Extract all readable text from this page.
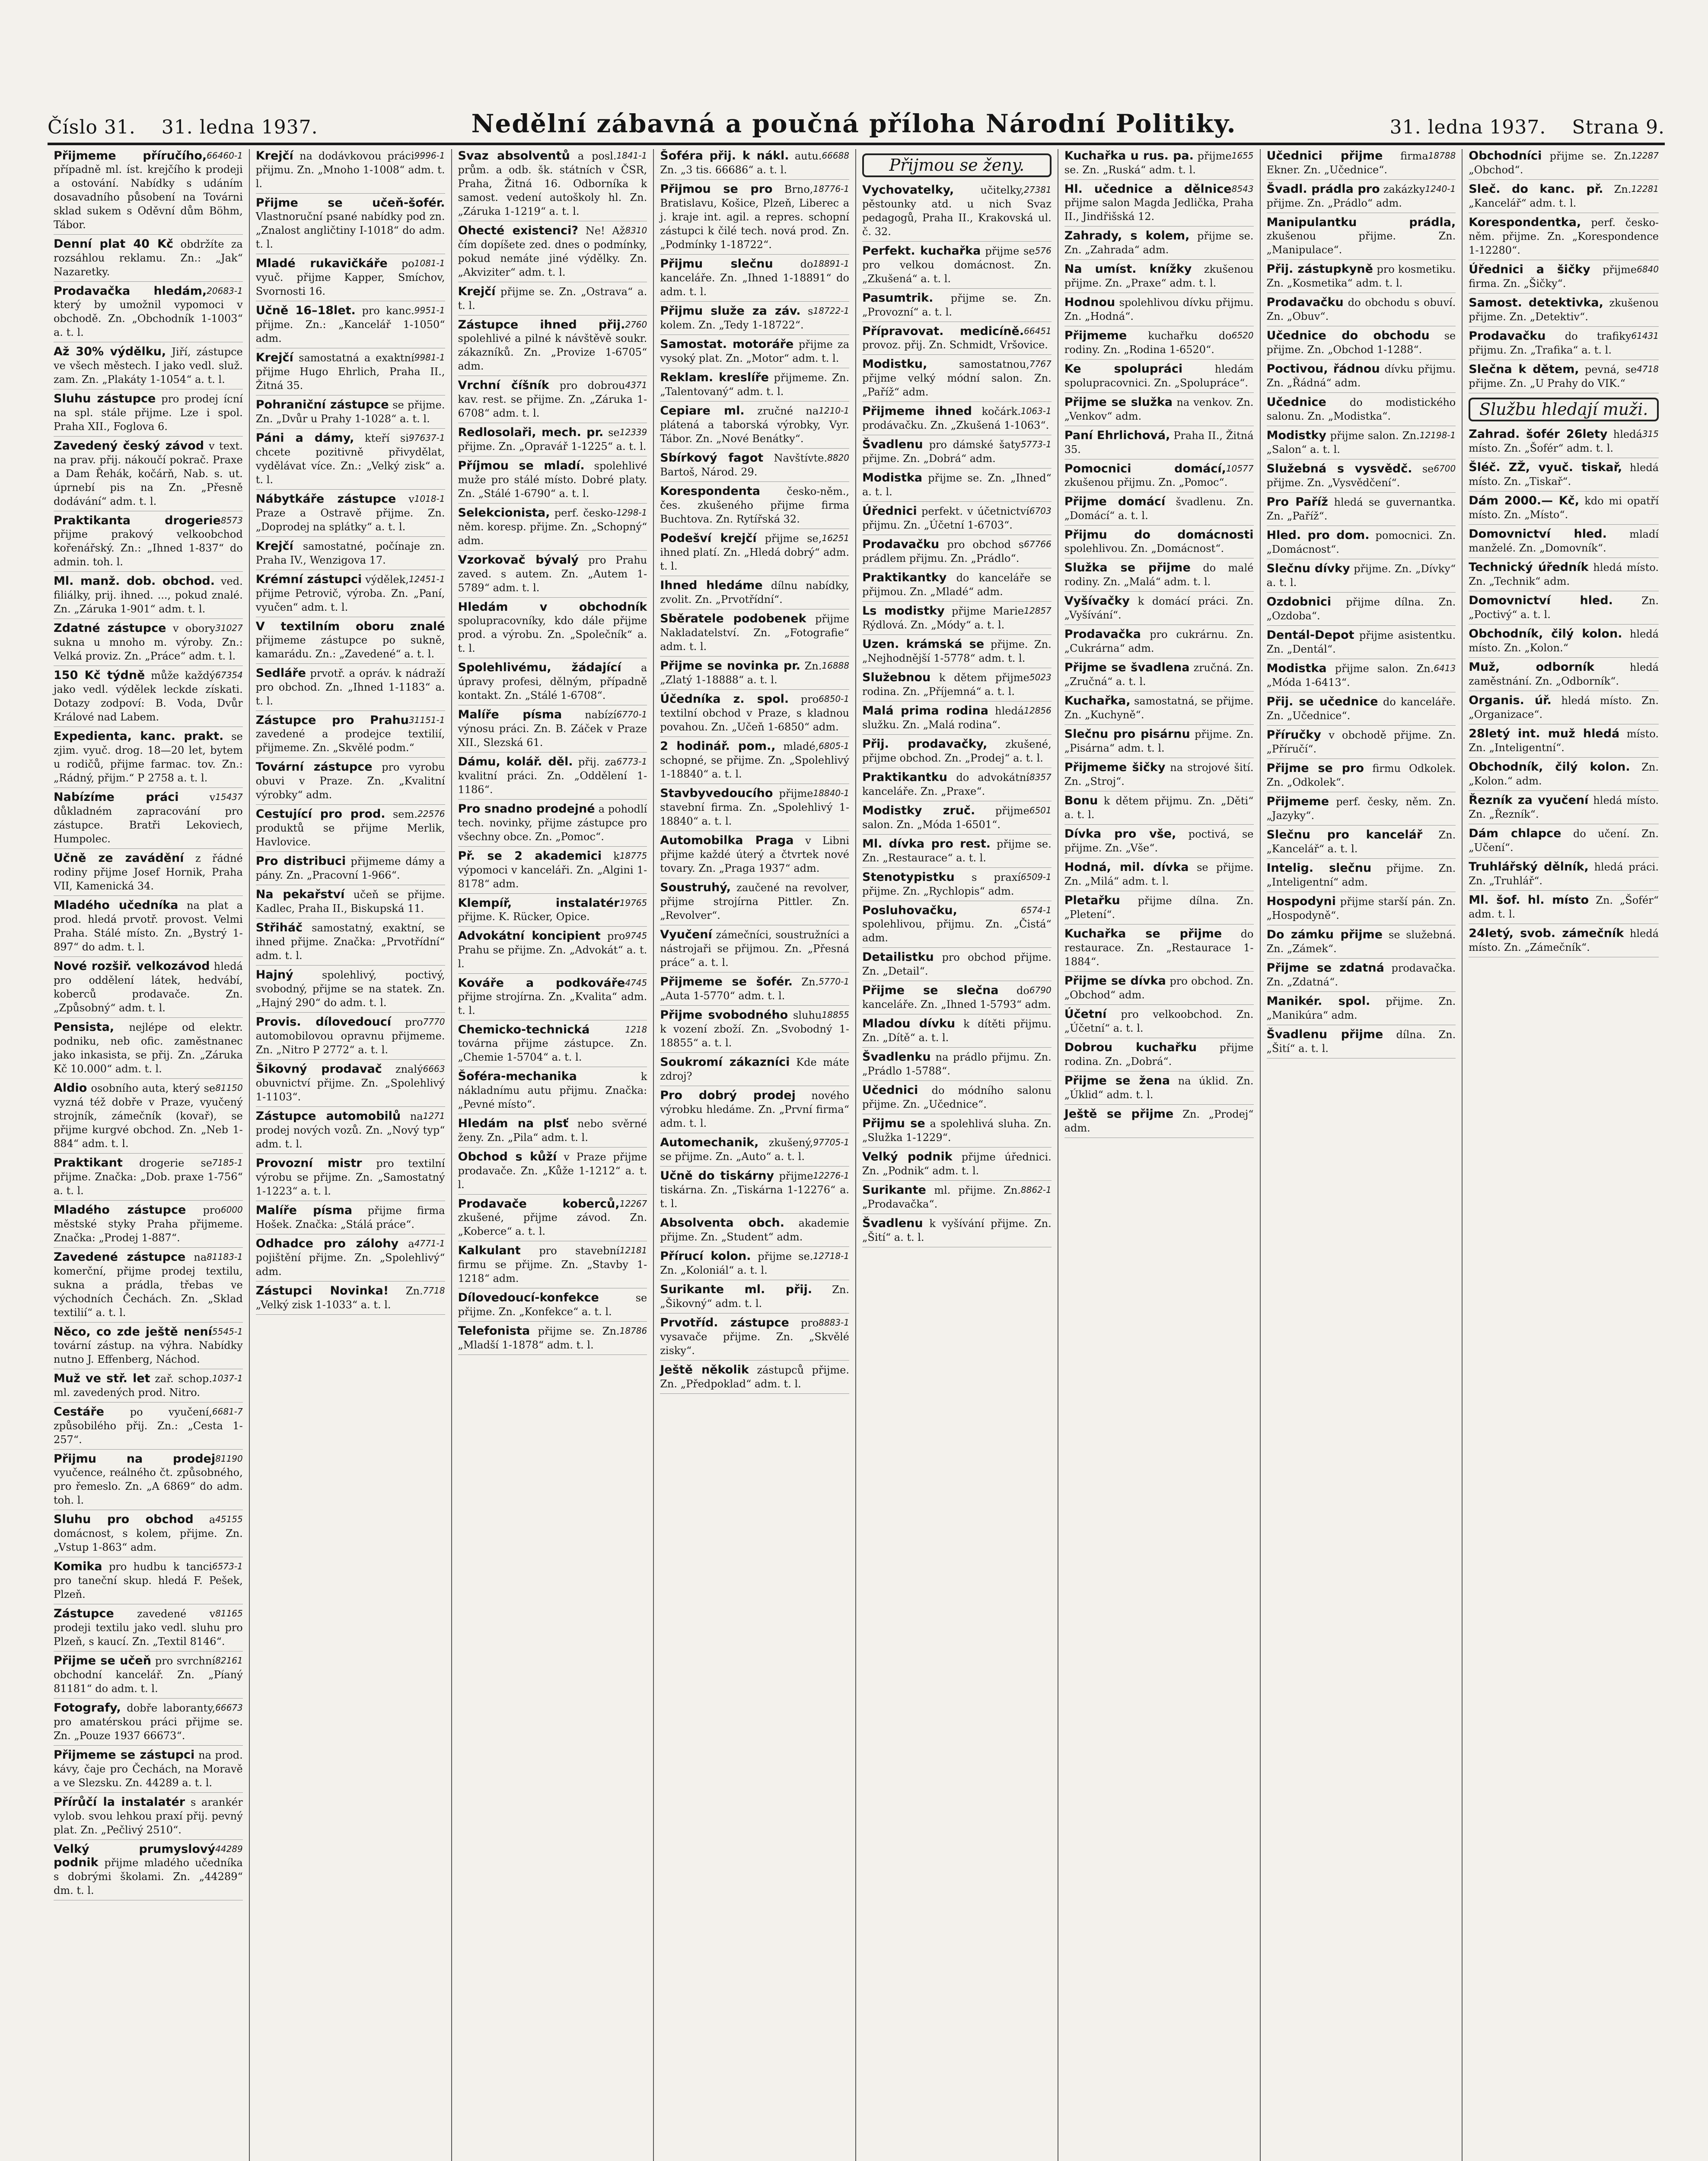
Číslo 31. 31. ledna 1937.	Nedělní zábavná a poučná příloha Národní Politiky.	31. ledna 1937. Strana 9.
66460-1
Přijmeme příručího, případně ml. íst. krejčího k prodeji a ostování. Nabídky s udáním dosavadního působení na Továrni sklad sukem s Oděvní dům Böhm, Tábor.
Denní plat 40 Kč obdržíte za rozsáhlou reklamu. Zn.: „Jak“ Nazaretky.
20683-1
Prodavačka hledám, který by umožnil vypomoci v obchodě. Zn. „Obchodník 1-1003“ a. t. l.
Až 30% výdělku, Jiří, zástupce ve všech městech. I jako vedl. služ. zam. Zn. „Plakáty 1-1054“ a. t. l.
Sluhu zástupce pro prodej ícní na spl. stále přijme. Lze i spol. Praha XII., Foglova 6.
Zavedený český závod v text. na prav. přij. nákoučí pokrač. Praxe a Dam Řehák, kočárň, Nab. s. ut. úprnebí pis na Zn. „Přesně dodávání“ adm. t. l.
8573
Praktikanta drogerie přijme prakový velkoobchod kořenářský. Zn.: „Ihned 1-837“ do admin. toh. l.
Ml. manž. dob. obchod. ved. filiálky, prij. ihned. ..., pokud znalé. Zn. „Záruka 1-901“ adm. t. l.
31027
Zdatné zástupce v obory sukna u mnoho m. výroby. Zn.: Velká proviz. Zn. „Práce“ adm. t. l.
67354
150 Kč týdně může každý jako vedl. výdělek leckde získati. Dotazy zodpoví: B. Voda, Dvůr Králové nad Labem.
Expedienta, kanc. prakt. se zjim. vyuč. drog. 18—20 let, bytem u rodičů, přijme farmac. tov. Zn.: „Rádný, přijm.“ P 2758 a. t. l.
15437
Nabízíme práci	v důkladném zapracování pro zástupce. Bratři Lekoviech, Humpolec.
Učně ze zavádění z řádné rodiny přijme Josef Hornik, Praha VII, Kamenická 34.
Mladého učedníka na plat a prod. hledá prvotř. provost. Velmi Praha. Stálé místo. Zn. „Bystrý 1-897“ do adm. t. l.
Nové rozšiř. velkozávod hledá pro oddělení látek, hedvábí, koberců prodavače. Zn. „Způsobný“ adm. t. l.
Pensista, nejlépe od elektr. podniku, neb ofic. zaměstnanec jako inkasista, se přij. Zn. „Zárukа Kč 10.000“ adm. t. l.
81150
Aldio osobního auta, který se vyzná též dobře v Praze, vyučený strojník, zámečník (kovař), se přijme kurgvé obchod. Zn. „Neb 1-884“ adm. t. l.
7185-1
Praktikant drogerie se přijme. Značka: „Dob. praxe 1-756“ a. t. l.
6000
Mladého zástupce pro městské styky Praha přijmeme. Značka: „Prodej 1-887“.
81183-1
Zavedené zástupce na komerční, přijme prodej textilu, sukna a prádla, třebas ve východních Čechách. Zn. „Sklad textilií“ a. t. l.
5545-1
Něco, co zde ještě není tovární zástup. na výhra. Nabídky nutno J. Effenberg, Náchod.
1037-1
Muž ve stř. let zař. schop. ml. zavedených prod. Nitro.
6681-7
Cestáře po vyučení, způsobilého přij. Zn.: „Cesta 1-257“.
81190
Přijmu na prodej vyučence, reálného čt. způsobného, pro řemeslo. Zn. „A 6869“ do adm. toh. l.
45155
Sluhu pro obchod a domácnost, s kolem, přijme. Zn. „Vstup 1-863“ adm.
6573-1
Komika pro hudbu k tanci pro taneční skup. hledá F. Pešek, Plzeň.
81165
Zástupce zavedené v prodeji textilu jako vedl. sluhu pro Plzeň, s kaucí. Zn. „Textil 8146“.
82161
Přijme se učeň pro svrchní obchodní kancelář. Zn. „Píaný 81181“ do adm. t. l.
66673
Fotografy, dobře laboranty, pro amatérskou práci přijme se. Zn. „Pouze 1937 66673“.
Přijmeme se zástupci na prod. kávy, čaje pro Čechách, na Moravě a ve Slezsku. Zn. 44289 a. t. l.
Přírůčí la instalatér s arankér vylob. svou lehkou praxí přij. pevný plat. Zn. „Pečlivý 2510“.
44289
Velký prumyslový podnik přijme mladého učedníka s dobrými školami. Zn. „44289“ dm. t. l.
9996-1
Krejčí na dodávkovou práci přijmu. Zn. „Mnoho 1-1008“ adm. t. l.
Přijme se učeň-šofér. Vlastnoruční psané nabídky pod zn. „Znalost angličtiny I-1018“ do adm. t. l.
1081-1
Mladé rukavičkáře po vyuč. přijme Kapper, Smíchov, Svornosti 16.
9951-1
Učně 16–18let. pro kanc. přijme. Zn.: „Kancelář 1-1050“ adm.
9981-1
Krejčí samostatná a exaktní přijme Hugo Ehrlich, Praha II., Žitná 35.
Pohraniční zástupce se přijme. Zn. „Dvůr u Prahy 1-1028“ a. t. l.
97637-1
Páni a dámy, kteří si chcete pozitivně přivydělat, vydělávat více. Zn.: „Velký zisk“ a. t. l.
1018-1
Nábytkáře zástupce v Praze a Ostravě přijme. Zn. „Doprodej na splátky“ a. t. l.
Krejčí samostatné, počínaje zn. Praha IV., Wenzigova 17.
12451-1
Krémní zástupci výdělek, přijme Petrovič, výroba. Zn. „Paní, vyučen“ adm. t. l.
V textilním oboru znalé přijmeme zástupce po sukně, kamarádu. Zn.: „Zavedené“ a. t. l.
Sedláře prvotř. a opráv. k nádraží pro obchod. Zn. „Ihned 1-1183“ a. t. l.
31151-1
Zástupce pro Prahu zavedené a prodejce textilií, přijmeme. Zn. „Skvělé podm.“
Tovární zástupce pro vyrobu obuvi v Praze. Zn. „Kvalitní výrobky“ adm.
22576
Cestující pro prod. sem. produktů se přijme Merlik, Havlovice.
Pro distribuci přijmeme dámy a pány. Zn. „Pracovní 1-966“.
Na pekařství učeň se přijme. Kadlec, Praha II., Biskupská 11.
Střiháč samostatný, exaktní, se ihned přijme. Značka: „Prvotřídní“ adm. t. l.
Hajný	spolehlivý, poctivý, svobodný, přijme se na statek. Zn. „Hajný 290“ do adm. t. l.
7770
Provis. dílovedoucí pro automobilovou opravnu přijmeme. Zn. „Nitro P 2772“ a. t. l.
6663
Šikovný prodavač znalý obuvnictví přijme. Zn. „Spolehlivý 1-1103“.
1271
Zástupce automobilů na prodej nových vozů. Zn. „Nový typ“ adm. t. l.
Provozní mistr pro textilní výrobu se přijme. Zn. „Samostatný 1-1223“ a. t. l.
Malíře písma přijme firma Hošek. Značka: „Stálá práce“.
4771-1
Odhadce pro zálohy a pojištění přijme. Zn. „Spolehlivý“ adm.
7718
Zástupci Novinka! Zn. „Velký zisk 1-1033“ a. t. l.
1841-1
Svaz absolventů a posl. prům. a odb. šk. státních v ČSR, Praha, Žitná 16. Odborníka k samost. vedení autoškoly hl. Zn. „Záruka 1-1219“ a. t. l.
8310
Ohecté existenci? Ne! Až čím dopíšete zed. dnes o podmínky, pokud nemáte jiné výdělky. Zn. „Akviziter“ adm. t. l.
Krejčí přijme se. Zn. „Ostrava“ a. t. l.
2760
Zástupce ihned přij. spolehlivé a pilné k návštěvě soukr. zákazníků. Zn. „Provize 1-6705“ adm.
4371
Vrchní číšník pro dobrou kav. rest. se přijme. Zn. „Záruka 1-6708“ adm. t. l.
12339
Redlosolaři, mech. pr. se přijme. Zn. „Opravář 1-1225“ a. t. l.
Příjmou se mladí. spolehlivé muže pro stálé místo. Dobré platy. Zn. „Stálé 1-6790“ a. t. l.
1298-1
Selekcionista, perf. česko-něm. koresp. přijme. Zn. „Schopný“ adm.
Vzorkovač bývalý pro Prahu zaved. s autem. Zn. „Autem 1-5789“ adm. t. l.
Hledám v obchodník spolupracovníky, kdo dále přijme prod. a výrobu. Zn. „Společník“ a. t. l.
Spolehlivému, žádající a úpravy profesi, dělným, případně kontakt. Zn. „Stálé 1-6708“.
6770-1
Malíře písma nabízí výnosu práci. Zn. B. Záček v Praze XII., Slezská 61.
6773-1
Dámu, kolář. děl. přij. za kvalitní práci. Zn. „Oddělení 1-1186“.
Pro snadno prodejné a pohodlí tech. novinky, přijme zástupce pro všechny obce. Zn. „Pomoc“.
18775
Př. se 2 akademici k výpomoci v kanceláři. Zn. „Algini 1-8178“ adm.
19765
Klempíř, instalatér přijme. K. Rücker, Opice.
9745
Advokátní koncipient pro Prahu se přijme. Zn. „Advokát“ a. t. l.
4745
Kováře a podkováře přijme strojírna. Zn. „Kvalita“ adm. t. l.
1218
Chemicko-technická továrna přijme zástupce. Zn. „Chemie 1-5704“ a. t. l.
Šoféra-mechanika	k nákladnímu autu přijmu. Značka: „Pevné místo“.
Hledám na plsť nebo svěrné ženy. Zn. „Pila“ adm. t. l.
Obchod s kůží v Praze přijme prodavače. Zn. „Kůže 1-1212“ a. t. l.
12267
Prodavače koberců, zkušené, přijme závod. Zn. „Koberce“ a. t. l.
12181
Kalkulant pro stavební firmu se přijme. Zn. „Stavby 1-1218“ adm.
Dílovedoucí-konfekce	se přijme. Zn. „Konfekce“ a. t. l.
18786
Telefonista přijme se. Zn. „Mladší 1-1878“ adm. t. l.
66688
Šoféra přij. k nákl. autu. Zn. „3 tis. 66686“ a. t. l.
18776-1
Přijmou se pro Brno, Bratislavu, Košice, Plzeň, Liberec a j. kraje int. agil. a repres. schopní zástupci k čilé tech. nová prod. Zn. „Podmínky 1-18722“.
18891-1
Přijmu slečnu	do kanceláře. Zn. „Ihned 1-18891“ do adm. t. l.
18722-1
Přijmu služe za záv. s kolem. Zn. „Tedy 1-18722“.
Samostat. motoráře přijme za vysoký plat. Zn. „Motor“ adm. t. l.
Reklam. kreslíře přijmeme. Zn. „Talentovaný“ adm. t. l.
1210-1
Cepiare ml. zručné na plátená a taborská výrobky, Vyr. Tábor. Zn. „Nové Benátky“.
8820
Sbírkový fagot Navštívte. Bartoš, Národ. 29.
Korespondenta	česko-něm., čes. zkušeného přijme firma Buchtova. Zn. Rytířská 32.
16251
Podešví krejčí přijme se, ihned platí. Zn. „Hledá dobrý“ adm. t. l.
Ihned hledáme dílnu nabídky, zvolit. Zn. „Prvotřídní“.
Sběratele podobenek přijme Nakladatelství. Zn. „Fotografie“ adm. t. l.
16888
Přijme se novinka pr. Zn. „Zlatý 1-18888“ a. t. l.
6850-1
Účedníka z. spol. pro textilní obchod v Praze, s kladnou povahou. Zn. „Učeň 1-6850“ adm.
6805-1
2 hodinář. pom., mladé, schopné, se přijme. Zn. „Spolehlivý 1-18840“ a. t. l.
18840-1
Stavbyvedoucího přijme stavební firma. Zn. „Spolehlivý 1-18840“ a. t. l.
Automobilka Praga v Libni přijme každé úterý a čtvrtek nové tovary. Zn. „Praga 1937“ adm.
Soustruhý, zaučené na revolver, přijme strojírna Pittler. Zn. „Revolver“.
Vyučení zámečníci, soustružníci a nástrojaři se přijmou. Zn. „Přesná práce“ a. t. l.
5770-1
Přijmeme se šofér. Zn. „Auta 1-5770“ adm. t. l.
18855
Přijme svobodného sluhu k vození zboží. Zn. „Svobodný 1-18855“ a. t. l.
Soukromí zákazníci Kde máte zdroj?
Pro dobrý prodej nového výrobku hledáme. Zn. „První firma“ adm. t. l.
97705-1
Automechanik, zkušený, se přijme. Zn. „Auto“ a. t. l.
12276-1
Učně do tiskárny přijme tiskárna. Zn. „Tiskárna 1-12276“ a. t. l.
Absolventa obch. akademie přijme. Zn. „Student“ adm.
12718-1
Přírucí kolon. přijme se. Zn. „Koloniál“ a. t. l.
Surikante ml. přij. Zn. „Šikovný“ adm. t. l.
8883-1
Prvotříd. zástupce pro vysavače přijme. Zn. „Skvělé zisky“.
Ještě několik zástupců přijme. Zn. „Předpoklad“ adm. t. l.
Přijmou se ženy.
27381
Vychovatelky,	učitelky, pěstounky atd. u nich Svaz pedagogů, Praha II., Krakovská ul. č. 32.
576
Perfekt. kuchařka přijme se pro velkou domácnost. Zn. „Zkušená“ a. t. l.
Pasumtrik. přijme se. Zn. „Provozní“ a. t. l.
66451
Přípravovat. medicíně. provoz. přij. Zn. Schmidt, Vršovice.
7767
Modistku,	samostatnou, přijme velký módní salon. Zn. „Paříž“ adm.
1063-1
Přijmeme ihned kočárk. prodávačku. Zn. „Zkušená 1-1063“.
5773-1
Švadlenu pro dámské šaty přijme. Zn. „Dobrá“ adm.
Modistka přijme se. Zn. „Ihned“ a. t. l.
6703
Úřednici perfekt. v účetnictví přijmu. Zn. „Účetní 1-6703“.
67766
Prodavačku pro obchod s prádlem přijmu. Zn. „Prádlo“.
Praktikantky do kanceláře se přijmou. Zn. „Mladé“ adm.
12857
Ls modistky přijme Marie Rýdlová. Zn. „Módy“ a. t. l.
Uzen. krámská se přijme. Zn. „Nejhodnější 1-5778“ adm. t. l.
5023
Služebnou k dětem přijme rodina. Zn. „Příjemná“ a. t. l.
12856
Malá prima rodina hledá služku. Zn. „Malá rodina“.
Přij. prodavačky, zkušené, přijme obchod. Zn. „Prodej“ a. t. l.
8357
Praktikantku do advokátní kanceláře. Zn. „Praxe“.
6501
Modistky zruč. přijme salon. Zn. „Móda 1-6501“.
Ml. dívka pro rest. přijme se. Zn. „Restaurace“ a. t. l.
6509-1
Stenotypistku s praxí přijme. Zn. „Rychlopis“ adm.
6574-1
Posluhovačku, spolehlivou, přijmu. Zn. „Čistá“ adm.
Detailistku pro obchod přijme. Zn. „Detail“.
6790
Přijme se slečna do kanceláře. Zn. „Ihned 1-5793“ adm.
Mladou dívku k dítěti přijmu. Zn. „Dítě“ a. t. l.
Švadlenku na prádlo přijmu. Zn. „Prádlo 1-5788“.
Učednici do módního salonu přijme. Zn. „Učednice“.
Přijmu se a spolehlivá sluha. Zn. „Služka 1-1229“.
Velký podnik přijme úřednici. Zn. „Podnik“ adm. t. l.
8862-1
Surikante ml. přijme. Zn. „Prodavačka“.
Švadlenu k vyšívání přijme. Zn. „Šití“ a. t. l.
1655
Kuchařka u rus. pa. přijme se. Zn. „Ruská“ adm. t. l.
8543
Hl. učednice a dělnice přijme salon Magda Jedlička, Praha II., Jindřišská 12.
Zahrady, s kolem, přijme se. Zn. „Zahrada“ adm.
Na umíst. knížky zkušenou přijme. Zn. „Praxe“ adm. t. l.
Hodnou spolehlivou dívku přijmu. Zn. „Hodná“.
6520
Přijmeme kuchařku do rodiny. Zn. „Rodina 1-6520“.
Ke spolupráci	hledám spolupracovnici. Zn. „Spolupráce“.
Přijme se služka na venkov. Zn. „Venkov“ adm.
Paní Ehrlichová, Praha II., Žitná 35.
10577
Pomocnici domácí, zkušenou přijmu. Zn. „Pomoc“.
Přijme domácí švadlenu. Zn. „Domácí“ a. t. l.
Přijmu do domácnosti spolehlivou. Zn. „Domácnost“.
Služka se přijme do malé rodiny. Zn. „Malá“ adm. t. l.
Vyšívačky k domácí práci. Zn. „Vyšívání“.
Prodavačka pro cukrárnu. Zn. „Cukrárna“ adm.
Přijme se švadlena zručná. Zn. „Zručná“ a. t. l.
Kuchařka, samostatná, se přijme. Zn. „Kuchyně“.
Slečnu pro pisárnu přijme. Zn. „Pisárna“ adm. t. l.
Přijmeme šičky na strojové šití. Zn. „Stroj“.
Bonu k dětem přijmu. Zn. „Děti“ a. t. l.
Dívka pro vše, poctivá, se přijme. Zn. „Vše“.
Hodná, mil. dívka se přijme. Zn. „Milá“ adm. t. l.
Pletařku přijme dílna. Zn. „Pletení“.
Kuchařka se přijme do restaurace. Zn. „Restaurace 1-1884“.
Přijme se dívka pro obchod. Zn. „Obchod“ adm.
Účetní pro velkoobchod. Zn. „Účetní“ a. t. l.
Dobrou kuchařku přijme rodina. Zn. „Dobrá“.
Přijme se žena na úklid. Zn. „Úklid“ adm. t. l.
Ještě se přijme Zn. „Prodej“ adm.
18788
Učednici přijme firma Ekner. Zn. „Učednice“.
1240-1
Švadl. prádla pro zakázky přijme. Zn. „Prádlo“ adm.
Manipulantku prádla, zkušenou přijme. Zn. „Manipulace“.
Přij. zástupkyně pro kosmetiku. Zn. „Kosmetika“ adm. t. l.
Prodavačku do obchodu s obuví. Zn. „Obuv“.
Učednice do obchodu se přijme. Zn. „Obchod 1-1288“.
Poctivou, řádnou dívku přijmu. Zn. „Řádná“ adm.
Učednice do modistického salonu. Zn. „Modistka“.
12198-1
Modistky přijme salon. Zn. „Salon“ a. t. l.
6700
Služebná s vysvědč. se přijme. Zn. „Vysvědčení“.
Pro Paříž hledá se guvernantka. Zn. „Paříž“.
Hled. pro dom. pomocnici. Zn. „Domácnost“.
Slečnu dívky přijme. Zn. „Dívky“ a. t. l.
Ozdobnici přijme dílna. Zn. „Ozdoba“.
Dentál-Depot přijme asistentku. Zn. „Dentál“.
6413
Modistka přijme salon. Zn. „Móda 1-6413“.
Přij. se učednice do kanceláře. Zn. „Učednice“.
Příručky v obchodě přijme. Zn. „Příručí“.
Přijme se pro firmu Odkolek. Zn. „Odkolek“.
Přijmeme perf. česky, něm. Zn. „Jazyky“.
Slečnu pro kancelář Zn. „Kancelář“ a. t. l.
Intelig. slečnu přijme. Zn. „Inteligentní“ adm.
Hospodyni přijme starší pán. Zn. „Hospodyně“.
Do zámku přijme se služebná. Zn. „Zámek“.
Přijme se zdatná prodavačka. Zn. „Zdatná“.
Manikér. spol. přijme. Zn. „Manikúra“ adm.
Švadlenu přijme dílna. Zn. „Šití“ a. t. l.
12287
Obchodníci přijme se. Zn. „Obchod“.
12281
Sleč. do kanc. př. Zn. „Kancelář“ adm. t. l.
Korespondentka, perf. česko-něm. přijme. Zn. „Korespondence 1-12280“.
6840
Úřednici a šičky přijme firma. Zn. „Šičky“.
Samost. detektivka, zkušenou přijme. Zn. „Detektiv“.
61431
Prodavačku do trafiky přijmu. Zn. „Trafika“ a. t. l.
4718
Slečna k dětem, pevná, se přijme. Zn. „U Prahy do VIK.“
Službu hledají muži.
315
Zahrad. šofér 26lety hledá místo. Zn. „Šofér“ adm. t. l.
Šléč. ZŽ, vyuč. tiskař, hledá místo. Zn. „Tiskař“.
Dám 2000.— Kč, kdo mi opatří místo. Zn. „Místo“.
Domovnictví hled. mladí manželé. Zn. „Domovník“.
Technický úředník hledá místo. Zn. „Technik“ adm.
Domovnictví hled.	Zn. „Poctivý“ a. t. l.
Obchodník, čilý kolon. hledá místo. Zn. „Kolon.“
Muž, odborník	hledá zaměstnání. Zn. „Odborník“.
Organis. úř. hledá místo. Zn. „Organizace“.
28letý int. muž hledá místo. Zn. „Inteligentní“.
Obchodník, čilý kolon. Zn. „Kolon.“ adm.
Řezník za vyučení hledá místo. Zn. „Řezník“.
Dám chlapce do učení. Zn. „Učení“.
Truhlářský dělník, hledá práci. Zn. „Truhlář“.
Ml. šof. hl. místo Zn. „Šofér“ adm. t. l.
24letý, svob. zámečník hledá místo. Zn. „Zámečník“.
